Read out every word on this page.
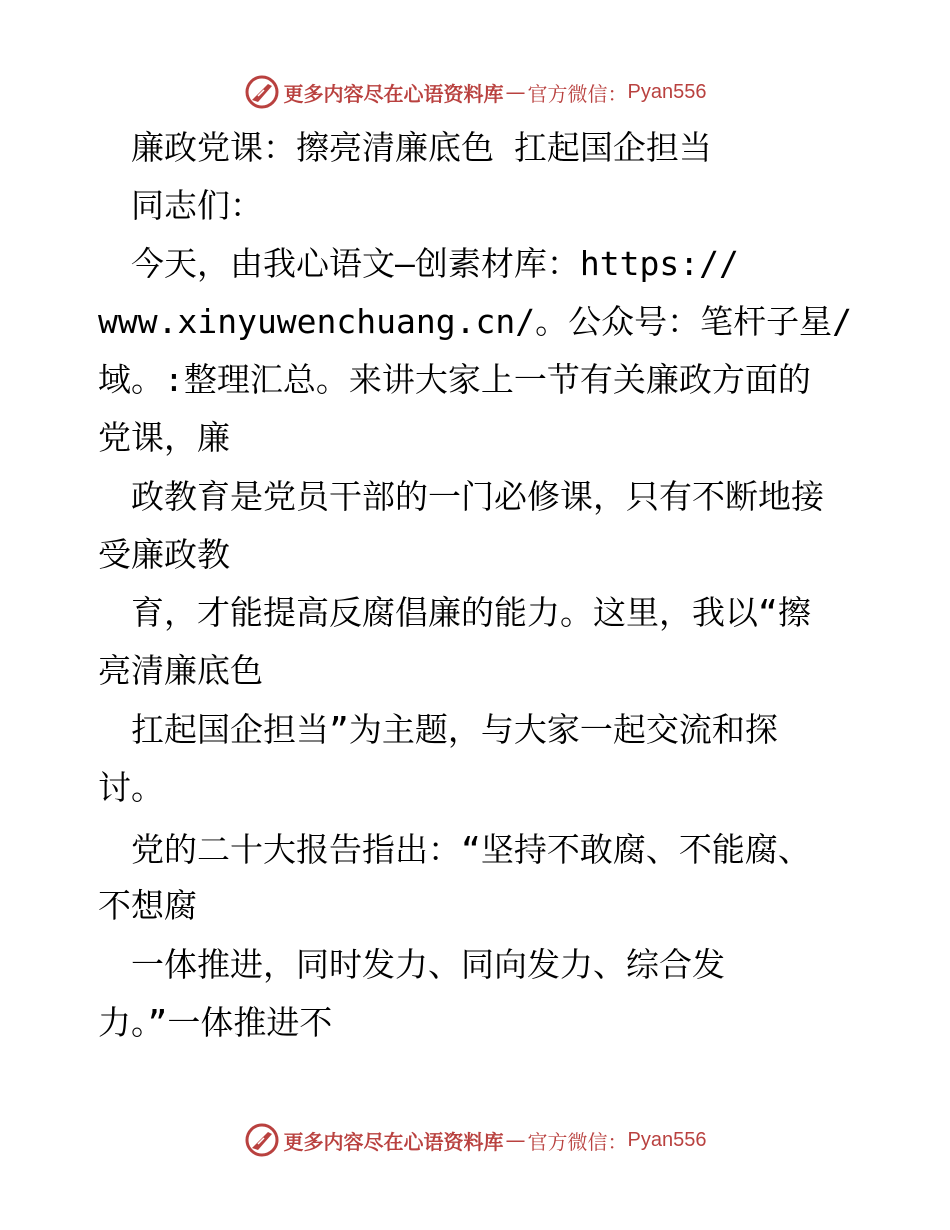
更多内容尽在心语资料库 — 官方微信： Pyan556
　廉政党课：擦亮清廉底色 扛起国企担当
　同志们：
　今天，由我心语文—创素材库：https://
www.xinyuwenchuang.cn/。公众号：笔杆子星/
域。:整理汇总。来讲大家上一节有关廉政方面的
党课，廉
　政教育是党员干部的一门必修课，只有不断地接
受廉政教
　育，才能提高反腐倡廉的能力。这里，我以“擦
亮清廉底色
　扛起国企担当”为主题，与大家一起交流和探
讨。
　党的二十大报告指出：“坚持不敢腐、不能腐、
不想腐
　一体推进，同时发力、同向发力、综合发
力。”一体推进不
更多内容尽在心语资料库 — 官方微信： Pyan556
